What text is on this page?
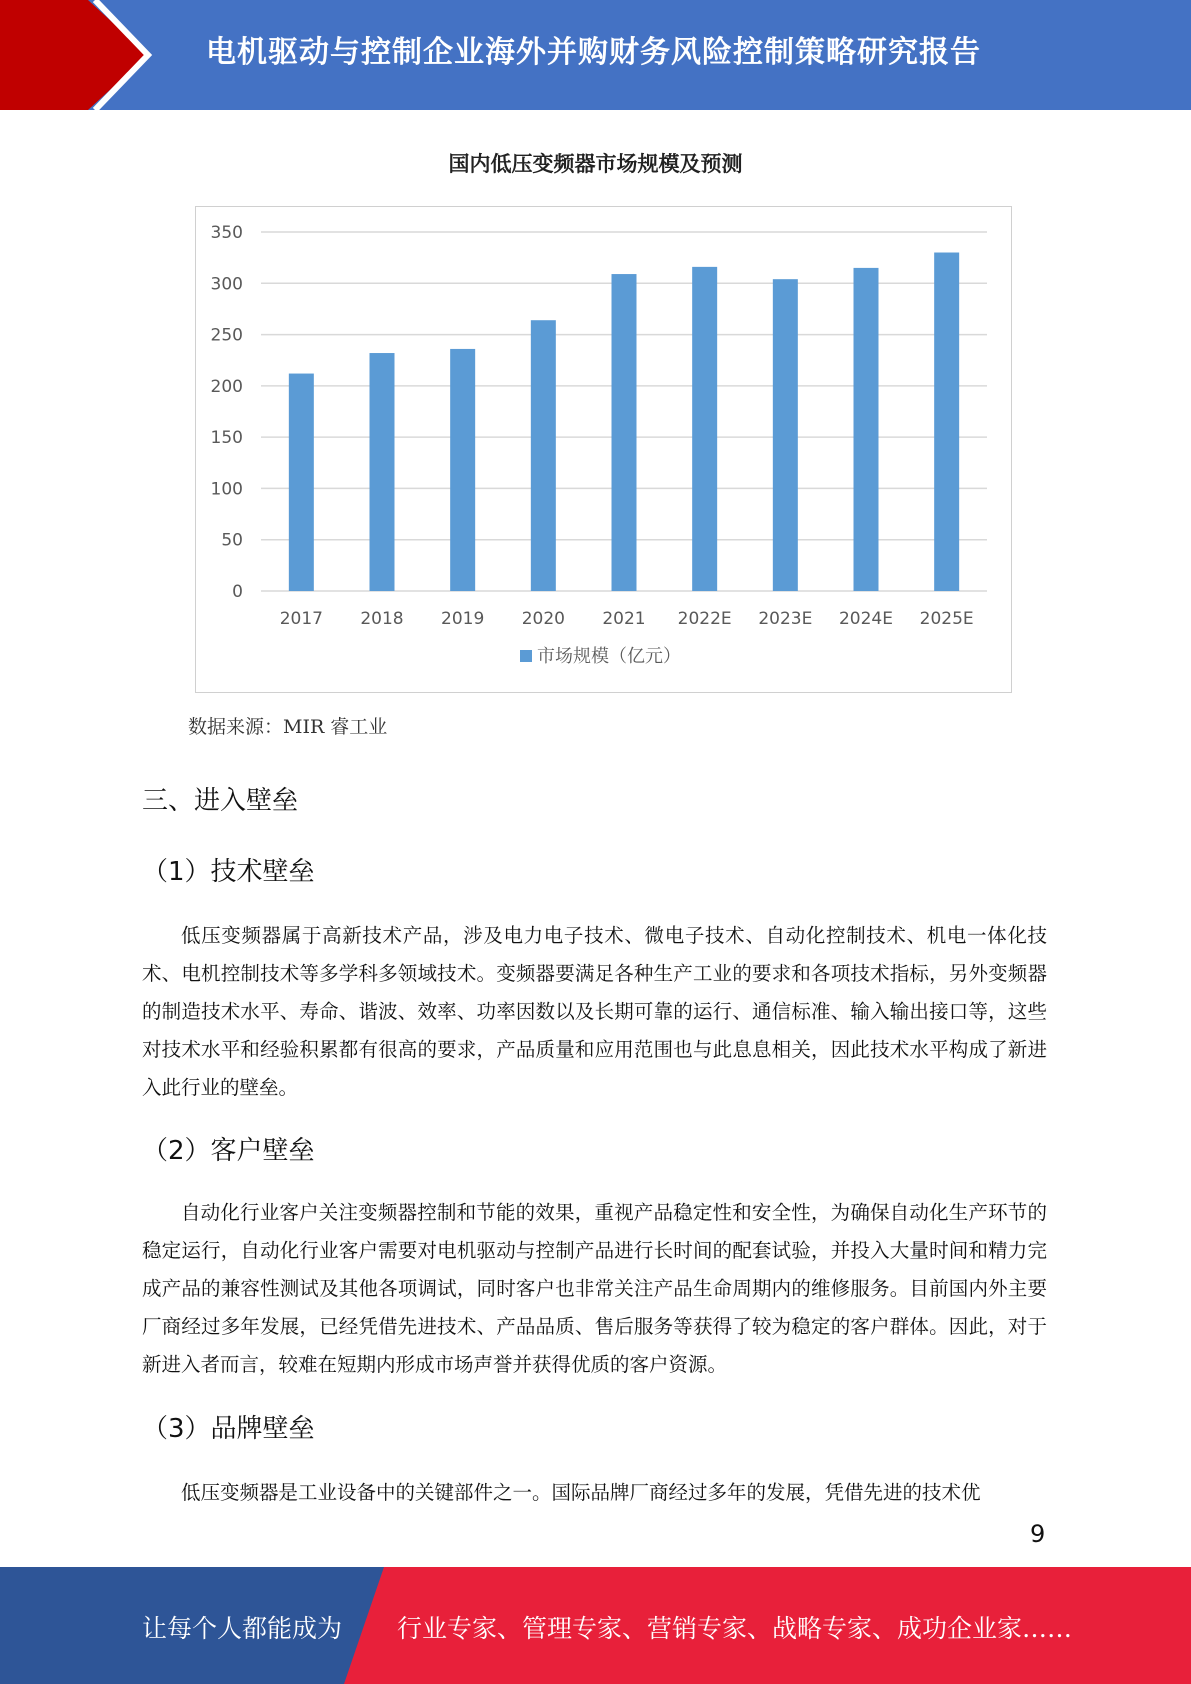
电机驱动与控制企业海外并购财务风险控制策略研究报告
国内低压变频器市场规模及预测
0
50
100
150
200
250
300
350
2017 2018 2019 2020 2021 2022E 2023E 2024E 2025E
市场规模（亿元）
数据来源：MIR 睿工业
三、进入壁垒
（1）技术壁垒

低压变频器属于高新技术产品，涉及电力电子技术、微电子技术、自动化控制技术、机电一体化技术、电机控制技术等多学科多领域技术。变频器要满足各种生产工业的要求和各项技术指标，另外变频器的制造技术水平、寿命、谐波、效率、功率因数以及长期可靠的运行、通信标准、输入输出接口等，这些对技术水平和经验积累都有很高的要求，产品质量和应用范围也与此息息相关，因此技术水平构成了新进入此行业的壁垒。

（2）客户壁垒

自动化行业客户关注变频器控制和节能的效果，重视产品稳定性和安全性，为确保自动化生产环节的稳定运行，自动化行业客户需要对电机驱动与控制产品进行长时间的配套试验，并投入大量时间和精力完成产品的兼容性测试及其他各项调试，同时客户也非常关注产品生命周期内的维修服务。目前国内外主要厂商经过多年发展，已经凭借先进技术、产品品质、售后服务等获得了较为稳定的客户群体。因此，对于新进入者而言，较难在短期内形成市场声誉并获得优质的客户资源。

（3）品牌壁垒

低压变频器是工业设备中的关键部件之一。国际品牌厂商经过多年的发展，凭借先进的技术优

9
让每个人都能成为 行业专家、管理专家、营销专家、战略专家、成功企业家……
